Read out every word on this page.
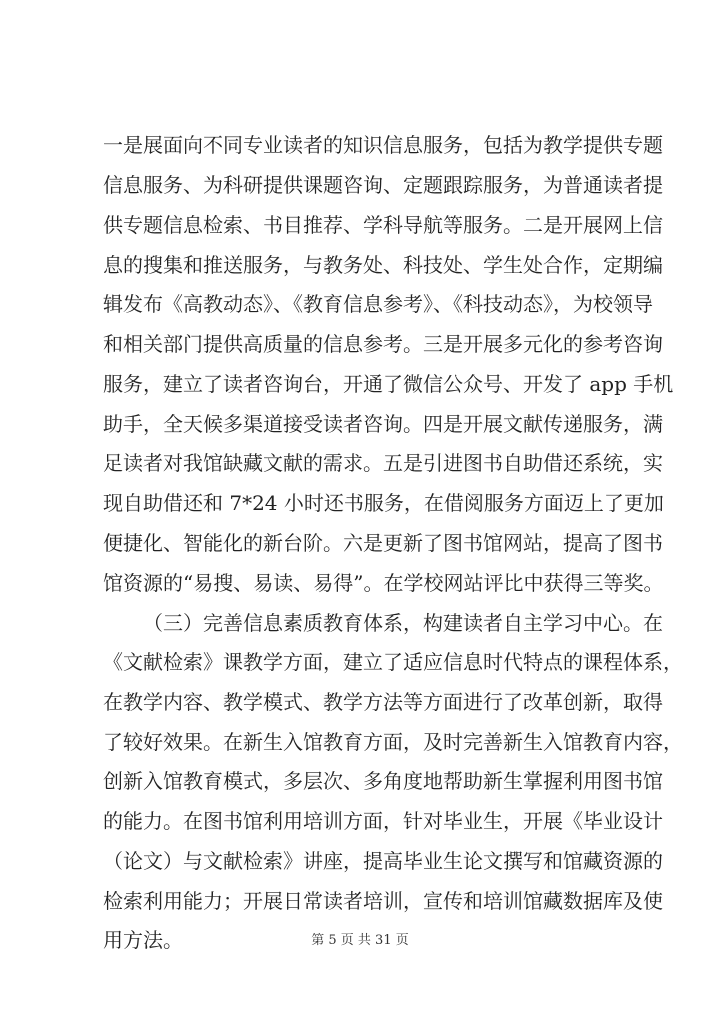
一是展面向不同专业读者的知识信息服务，包括为教学提供专题
信息服务、为科研提供课题咨询、定题跟踪服务，为普通读者提
供专题信息检索、书目推荐、学科导航等服务。二是开展网上信
息的搜集和推送服务，与教务处、科技处、学生处合作，定期编
辑发布《高教动态》、《教育信息参考》、《科技动态》，为校领导
和相关部门提供高质量的信息参考。三是开展多元化的参考咨询
服务，建立了读者咨询台，开通了微信公众号、开发了 app 手机
助手，全天候多渠道接受读者咨询。四是开展文献传递服务，满
足读者对我馆缺藏文献的需求。五是引进图书自助借还系统，实
现自助借还和 7*24 小时还书服务，在借阅服务方面迈上了更加
便捷化、智能化的新台阶。六是更新了图书馆网站，提高了图书
馆资源的“易搜、易读、易得”。在学校网站评比中获得三等奖。
（三）完善信息素质教育体系，构建读者自主学习中心。在
《文献检索》课教学方面，建立了适应信息时代特点的课程体系，
在教学内容、教学模式、教学方法等方面进行了改革创新，取得
了较好效果。在新生入馆教育方面，及时完善新生入馆教育内容，
创新入馆教育模式，多层次、多角度地帮助新生掌握利用图书馆
的能力。在图书馆利用培训方面，针对毕业生，开展《毕业设计
（论文）与文献检索》讲座，提高毕业生论文撰写和馆藏资源的
检索利用能力；开展日常读者培训，宣传和培训馆藏数据库及使
用方法。	第 5 页 共 31 页
